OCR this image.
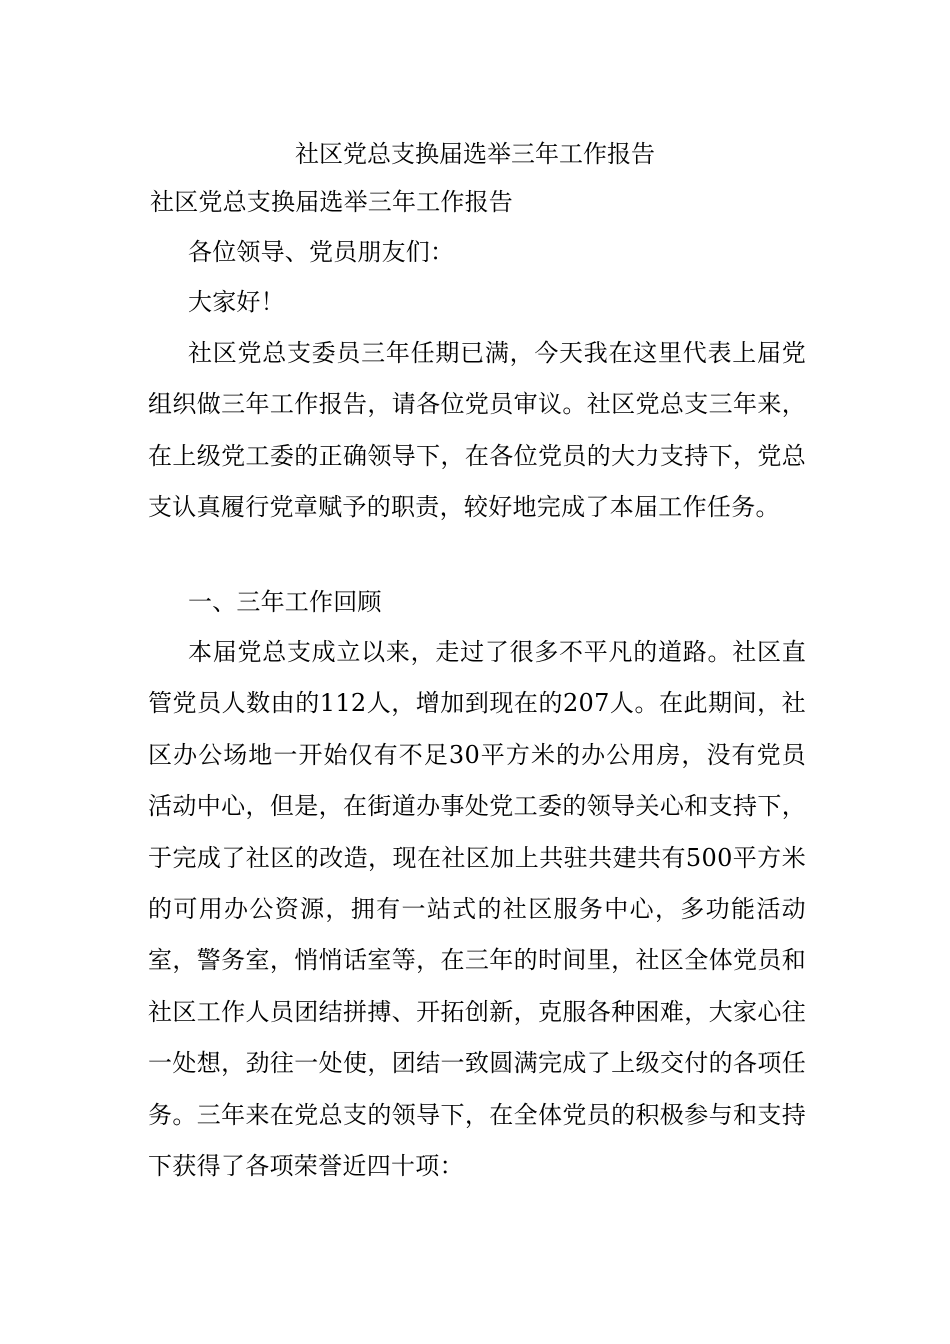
社区党总支换届选举三年工作报告
社区党总支换届选举三年工作报告
各位领导、党员朋友们：
大家好！
社区党总支委员三年任期已满，今天我在这里代表上届党组织做三年工作报告，请各位党员审议。社区党总支三年来，在上级党工委的正确领导下，在各位党员的大力支持下，党总支认真履行党章赋予的职责，较好地完成了本届工作任务。
一、三年工作回顾
本届党总支成立以来，走过了很多不平凡的道路。社区直管党员人数由的112人，增加到现在的207人。在此期间，社区办公场地一开始仅有不足30平方米的办公用房，没有党员活动中心，但是，在街道办事处党工委的领导关心和支持下，于完成了社区的改造，现在社区加上共驻共建共有500平方米的可用办公资源，拥有一站式的社区服务中心，多功能活动室，警务室，悄悄话室等，在三年的时间里，社区全体党员和社区工作人员团结拼搏、开拓创新，克服各种困难，大家心往一处想，劲往一处使，团结一致圆满完成了上级交付的各项任务。三年来在党总支的领导下，在全体党员的积极参与和支持下获得了各项荣誉近四十项：
